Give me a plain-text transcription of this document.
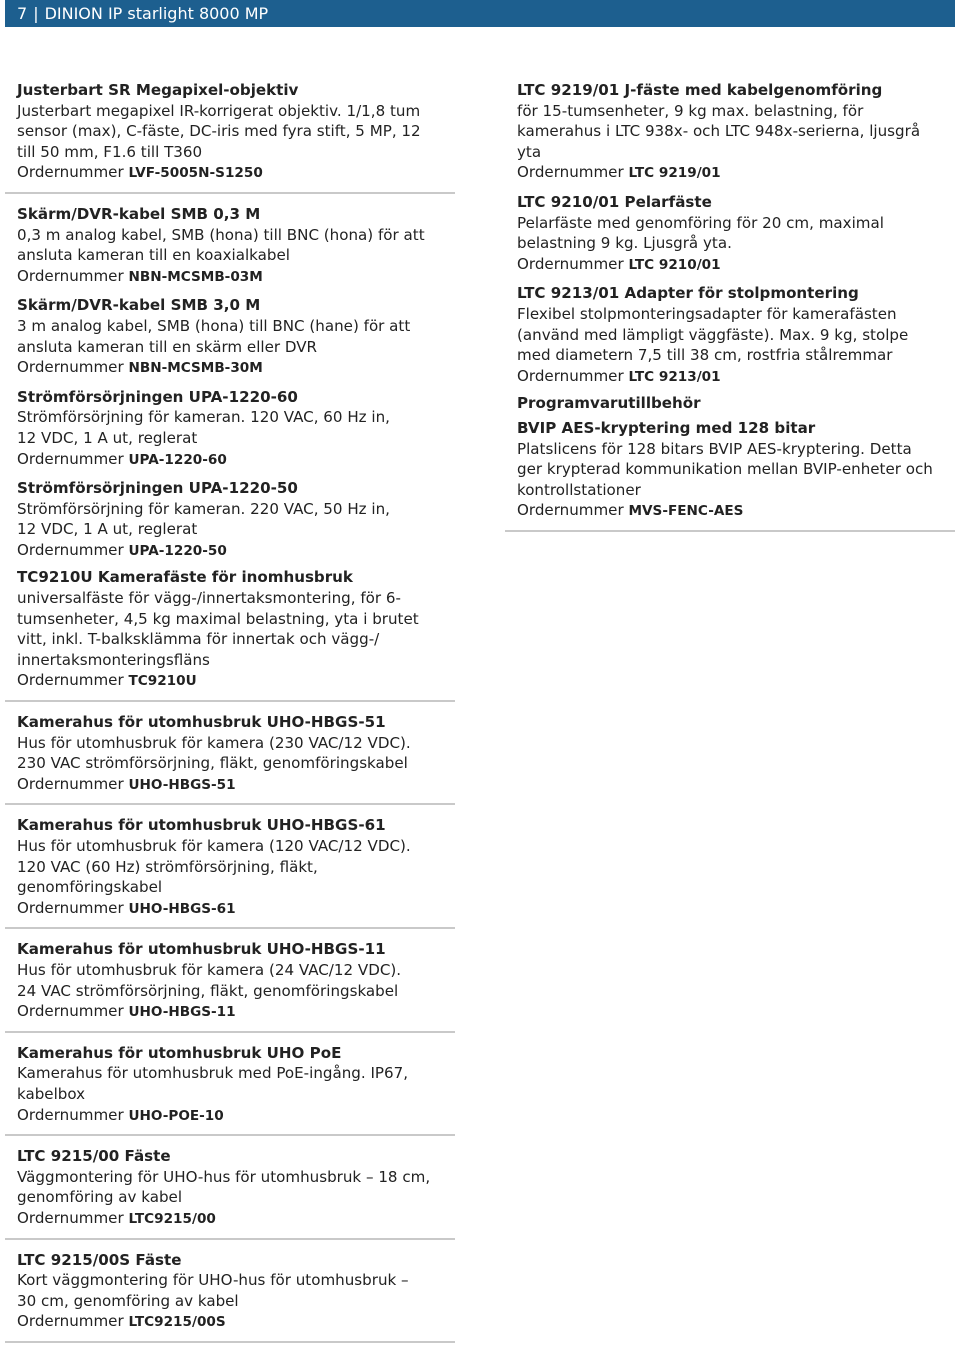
7 | DINION IP starlight 8000 MP
Justerbart SR Megapixel-objektiv
Justerbart megapixel IR-korrigerat objektiv. 1/1,8 tum
sensor (max), C-fäste, DC-iris med fyra stift, 5 MP, 12
till 50 mm, F1.6 till T360
Ordernummer LVF-5005N-S1250
Skärm/DVR-kabel SMB 0,3 M
0,3 m analog kabel, SMB (hona) till BNC (hona) för att
ansluta kameran till en koaxialkabel
Ordernummer NBN-MCSMB-03M
Skärm/DVR-kabel SMB 3,0 M
3 m analog kabel, SMB (hona) till BNC (hane) för att
ansluta kameran till en skärm eller DVR
Ordernummer NBN-MCSMB-30M
Strömförsörjningen UPA-1220-60
Strömförsörjning för kameran. 120 VAC, 60 Hz in,
12 VDC, 1 A ut, reglerat
Ordernummer UPA-1220-60
Strömförsörjningen UPA-1220-50
Strömförsörjning för kameran. 220 VAC, 50 Hz in,
12 VDC, 1 A ut, reglerat
Ordernummer UPA-1220-50
TC9210U Kamerafäste för inomhusbruk
universalfäste för vägg-/innertaksmontering, för 6-
tumsenheter, 4,5 kg maximal belastning, yta i brutet
vitt, inkl. T-balksklämma för innertak och vägg-/
innertaksmonteringsfläns
Ordernummer TC9210U
Kamerahus för utomhusbruk UHO-HBGS-51
Hus för utomhusbruk för kamera (230 VAC/12 VDC).
230 VAC strömförsörjning, fläkt, genomföringskabel
Ordernummer UHO-HBGS-51
Kamerahus för utomhusbruk UHO-HBGS-61
Hus för utomhusbruk för kamera (120 VAC/12 VDC).
120 VAC (60 Hz) strömförsörjning, fläkt,
genomföringskabel
Ordernummer UHO-HBGS-61
Kamerahus för utomhusbruk UHO-HBGS-11
Hus för utomhusbruk för kamera (24 VAC/12 VDC).
24 VAC strömförsörjning, fläkt, genomföringskabel
Ordernummer UHO-HBGS-11
Kamerahus för utomhusbruk UHO PoE
Kamerahus för utomhusbruk med PoE-ingång. IP67,
kabelbox
Ordernummer UHO-POE-10
LTC 9215/00 Fäste
Väggmontering för UHO-hus för utomhusbruk – 18 cm,
genomföring av kabel
Ordernummer LTC9215/00
LTC 9215/00S Fäste
Kort väggmontering för UHO-hus för utomhusbruk –
30 cm, genomföring av kabel
Ordernummer LTC9215/00S
LTC 9219/01 J-fäste med kabelgenomföring
för 15-tumsenheter, 9 kg max. belastning, för
kamerahus i LTC 938x- och LTC 948x-serierna, ljusgrå
yta
Ordernummer LTC 9219/01
LTC 9210/01 Pelarfäste
Pelarfäste med genomföring för 20 cm, maximal
belastning 9 kg. Ljusgrå yta.
Ordernummer LTC 9210/01
LTC 9213/01 Adapter för stolpmontering
Flexibel stolpmonteringsadapter för kamerafästen
(använd med lämpligt väggfäste). Max. 9 kg, stolpe
med diametern 7,5 till 38 cm, rostfria stålremmar
Ordernummer LTC 9213/01
Programvarutillbehör
BVIP AES-kryptering med 128 bitar
Platslicens för 128 bitars BVIP AES-kryptering. Detta
ger krypterad kommunikation mellan BVIP-enheter och
kontrollstationer
Ordernummer MVS-FENC-AES
